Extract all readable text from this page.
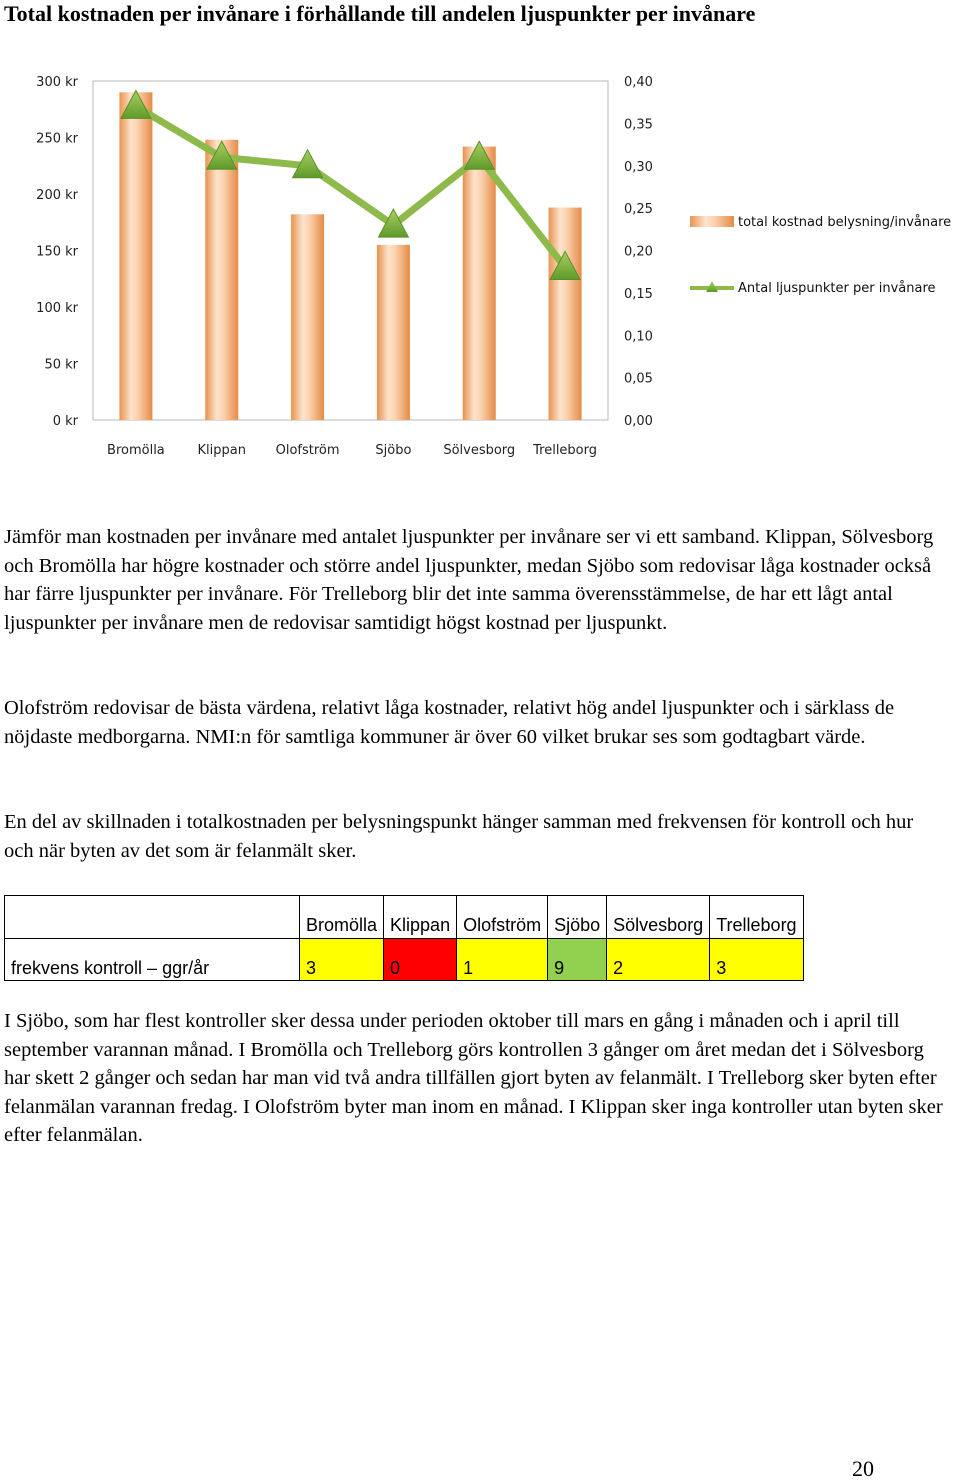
Total kostnaden per invånare i förhållande till andelen ljuspunkter per invånare
0 kr
50 kr
100 kr
150 kr
200 kr
250 kr
300 kr
0,00
0,05
0,10
0,15
0,20
0,25
0,30
0,35
0,40
Bromölla	Klippan Olofström	Sjöbo Sölvesborg Trelleborg
total kostnad belysning/invånare
Antal ljuspunkter per invånare

Jämför man kostnaden per invånare med antalet ljuspunkter per invånare ser vi ett samband. Klippan, Sölvesborg och Bromölla har högre kostnader och större andel ljuspunkter, medan Sjöbo som redovisar låga kostnader också har färre ljuspunkter per invånare. För Trelleborg blir det inte samma överensstämmelse, de har ett lågt antal ljuspunkter per invånare men de redovisar samtidigt högst kostnad per ljuspunkt.

Olofström redovisar de bästa värdena, relativt låga kostnader, relativt hög andel ljuspunkter och i särklass de nöjdaste medborgarna. NMI:n för samtliga kommuner är över 60 vilket brukar ses som godtagbart värde.

En del av skillnaden i totalkostnaden per belysningspunkt hänger samman med frekvensen för kontroll och hur och när byten av det som är felanmält sker.

	Bromölla	Klippan	Olofström	Sjöbo	Sölvesborg	Trelleborg
frekvens kontroll – ggr/år	3	0	1	9	2	3

I Sjöbo, som har flest kontroller sker dessa under perioden oktober till mars en gång i månaden och i april till september varannan månad. I Bromölla och Trelleborg görs kontrollen 3 gånger om året medan det i Sölvesborg har skett 2 gånger och sedan har man vid två andra tillfällen gjort byten av felanmält. I Trelleborg sker byten efter felanmälan varannan fredag. I Olofström byter man inom en månad. I Klippan sker inga kontroller utan byten sker efter felanmälan.

20
